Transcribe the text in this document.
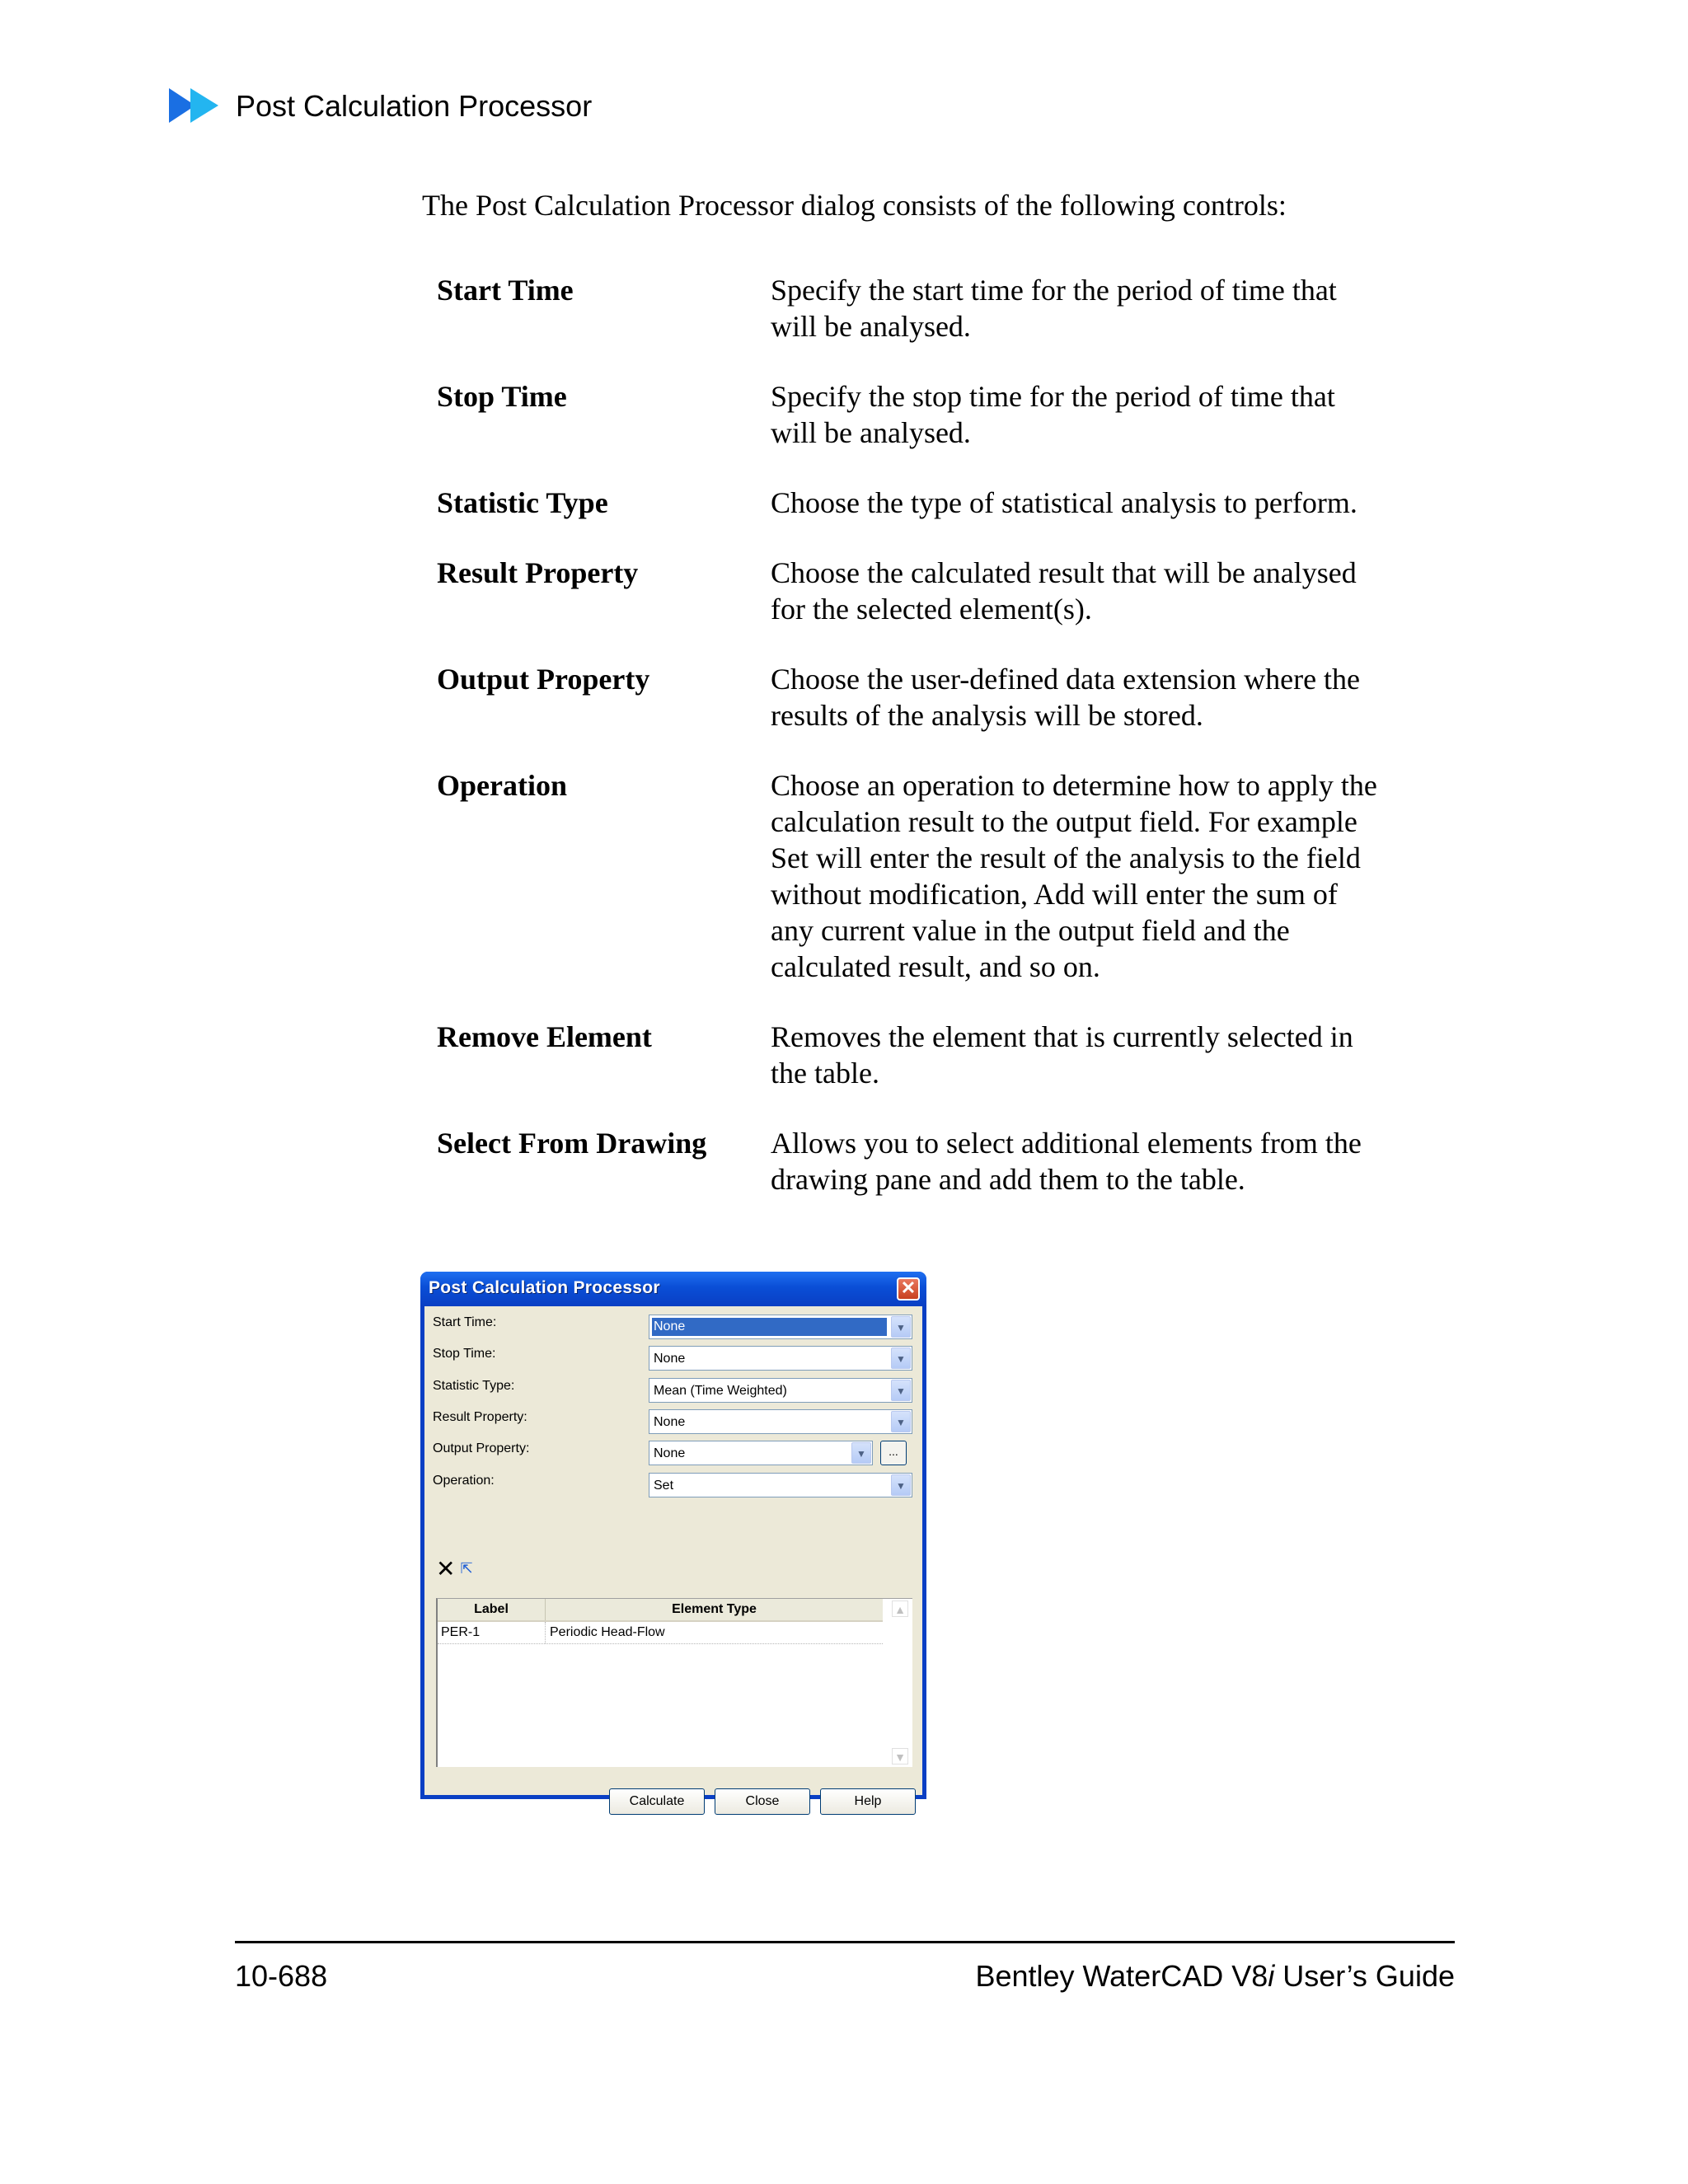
Post Calculation Processor
The Post Calculation Processor dialog consists of the following controls:
Start Time	Specify the start time for the period of time that will be analysed.
Stop Time	Specify the stop time for the period of time that will be analysed.
Statistic Type	Choose the type of statistical analysis to perform.
Result Property	Choose the calculated result that will be analysed for the selected element(s).
Output Property	Choose the user-defined data extension where the results of the analysis will be stored.
Operation	Choose an operation to determine how to apply the calculation result to the output field. For example Set will enter the result of the analysis to the field without modification, Add will enter the sum of any current value in the output field and the calculated result, and so on.
Remove Element	Removes the element that is currently selected in the table.
Select From Drawing	Allows you to select additional elements from the drawing pane and add them to the table.
Post Calculation Processor	✕
Start Time:	None	▼
Stop Time:	None	▼
Statistic Type:	Mean (Time Weighted)	▼
Result Property:	None	▼
Output Property:	None	▼	...
Operation:	Set	▼
✕ ⇱
Label	Element Type
PER-1	Periodic Head-Flow
▲
▼
Calculate	Close	Help
10-688	Bentley WaterCAD V8i User’s Guide
